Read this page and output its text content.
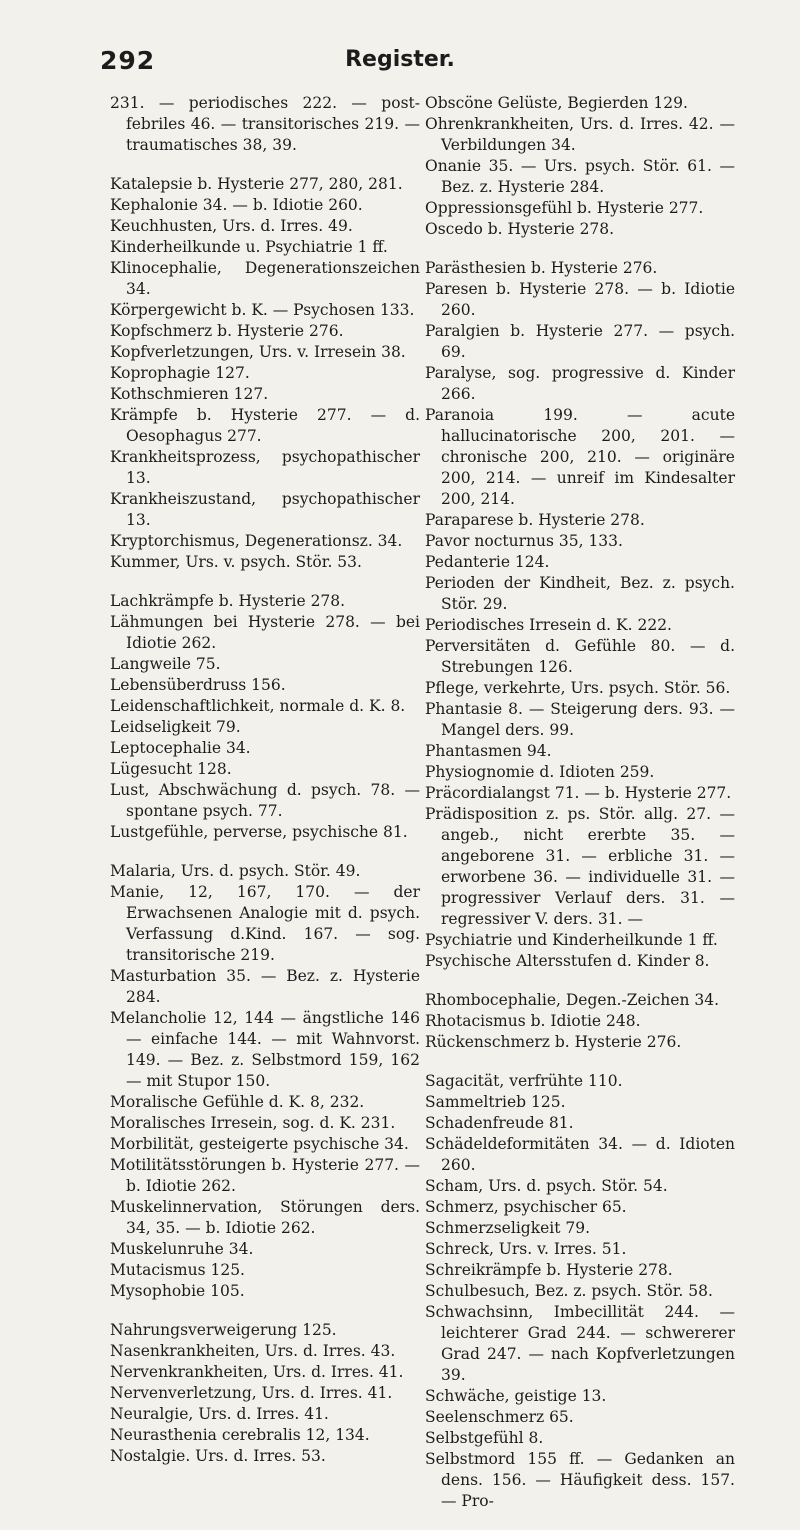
292	Register.
231. — periodisches 222. — post-febriles 46. — transitorisches 219. — traumatisches 38, 39.
Katalepsie b. Hysterie 277, 280, 281.
Kephalonie 34. — b. Idiotie 260.
Keuchhusten, Urs. d. Irres. 49.
Kinderheilkunde u. Psychiatrie 1 ff.
Klinocephalie, Degenerationszeichen 34.
Körpergewicht b. K. — Psychosen 133.
Kopfschmerz b. Hysterie 276.
Kopfverletzungen, Urs. v. Irresein 38.
Koprophagie 127.
Kothschmieren 127.
Krämpfe b. Hysterie 277. — d. Oesophagus 277.
Krankheitsprozess, psychopathischer 13.
Krankheiszustand, psychopathischer 13.
Kryptorchismus, Degenerationsz. 34.
Kummer, Urs. v. psych. Stör. 53.
Lachkrämpfe b. Hysterie 278.
Lähmungen bei Hysterie 278. — bei Idiotie 262.
Langweile 75.
Lebensüberdruss 156.
Leidenschaftlichkeit, normale d. K. 8.
Leidseligkeit 79.
Leptocephalie 34.
Lügesucht 128.
Lust, Abschwächung d. psych. 78. — spontane psych. 77.
Lustgefühle, perverse, psychische 81.
Malaria, Urs. d. psych. Stör. 49.
Manie, 12, 167, 170. — der Erwachsenen Analogie mit d. psych. Verfassung d.Kind. 167. — sog. transitorische 219.
Masturbation 35. — Bez. z. Hysterie 284.
Melancholie 12, 144 — ängstliche 146 — einfache 144. — mit Wahnvorst. 149. — Bez. z. Selbstmord 159, 162 — mit Stupor 150.
Moralische Gefühle d. K. 8, 232.
Moralisches Irresein, sog. d. K. 231.
Morbilität, gesteigerte psychische 34.
Motilitätsstörungen b. Hysterie 277. — b. Idiotie 262.
Muskelinnervation, Störungen ders. 34, 35. — b. Idiotie 262.
Muskelunruhe 34.
Mutacismus 125.
Mysophobie 105.
Nahrungsverweigerung 125.
Nasenkrankheiten, Urs. d. Irres. 43.
Nervenkrankheiten, Urs. d. Irres. 41.
Nervenverletzung, Urs. d. Irres. 41.
Neuralgie, Urs. d. Irres. 41.
Neurasthenia cerebralis 12, 134.
Nostalgie. Urs. d. Irres. 53.
Obscöne Gelüste, Begierden 129.
Ohrenkrankheiten, Urs. d. Irres. 42. — Verbildungen 34.
Onanie 35. — Urs. psych. Stör. 61. — Bez. z. Hysterie 284.
Oppressionsgefühl b. Hysterie 277.
Oscedo b. Hysterie 278.
Parästhesien b. Hysterie 276.
Paresen b. Hysterie 278. — b. Idiotie 260.
Paralgien b. Hysterie 277. — psych. 69.
Paralyse, sog. progressive d. Kinder 266.
Paranoia 199. — acute hallucinatorische 200, 201. — chronische 200, 210. — originäre 200, 214. — unreif im Kindesalter 200, 214.
Paraparese b. Hysterie 278.
Pavor nocturnus 35, 133.
Pedanterie 124.
Perioden der Kindheit, Bez. z. psych. Stör. 29.
Periodisches Irresein d. K. 222.
Perversitäten d. Gefühle 80. — d. Strebungen 126.
Pflege, verkehrte, Urs. psych. Stör. 56.
Phantasie 8. — Steigerung ders. 93. — Mangel ders. 99.
Phantasmen 94.
Physiognomie d. Idioten 259.
Präcordialangst 71. — b. Hysterie 277.
Prädisposition z. ps. Stör. allg. 27. — angeb., nicht ererbte 35. — angeborene 31. — erbliche 31. — erworbene 36. — individuelle 31. — progressiver Verlauf ders. 31. — regressiver V. ders. 31. —
Psychiatrie und Kinderheilkunde 1 ff.
Psychische Altersstufen d. Kinder 8.
Rhombocephalie, Degen.-Zeichen 34.
Rhotacismus b. Idiotie 248.
Rückenschmerz b. Hysterie 276.
Sagacität, verfrühte 110.
Sammeltrieb 125.
Schadenfreude 81.
Schädeldeformitäten 34. — d. Idioten 260.
Scham, Urs. d. psych. Stör. 54.
Schmerz, psychischer 65.
Schmerzseligkeit 79.
Schreck, Urs. v. Irres. 51.
Schreikrämpfe b. Hysterie 278.
Schulbesuch, Bez. z. psych. Stör. 58.
Schwachsinn, Imbecillität 244. — leichterer Grad 244. — schwererer Grad 247. — nach Kopfverletzungen 39.
Schwäche, geistige 13.
Seelenschmerz 65.
Selbstgefühl 8.
Selbstmord 155 ff. — Gedanken an dens. 156. — Häufigkeit dess. 157. — Pro-
